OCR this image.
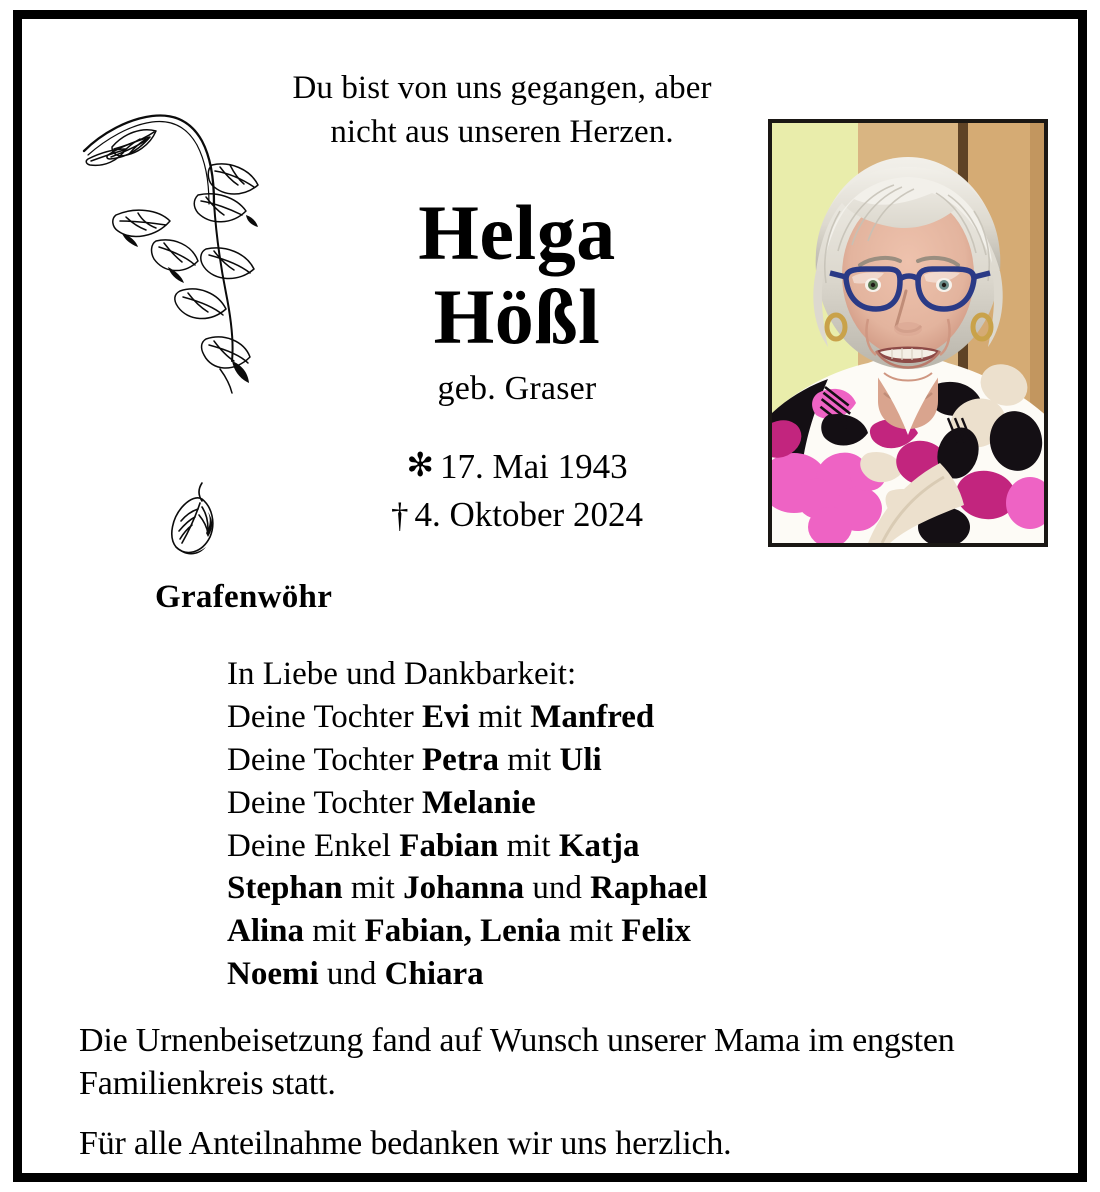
Du bist von uns gegangen, aber
nicht aus unseren Herzen.
Helga
Hößl
geb. Graser
✻ 17. Mai 1943
† 4. Oktober 2024
Grafenwöhr
In Liebe und Dankbarkeit:
Deine Tochter Evi mit Manfred
Deine Tochter Petra mit Uli
Deine Tochter Melanie
Deine Enkel Fabian mit Katja
Stephan mit Johanna und Raphael
Alina mit Fabian, Lenia mit Felix
Noemi und Chiara

Die Urnenbeisetzung fand auf Wunsch unserer Mama im engsten Familienkreis statt.

Für alle Anteilnahme bedanken wir uns herzlich.
